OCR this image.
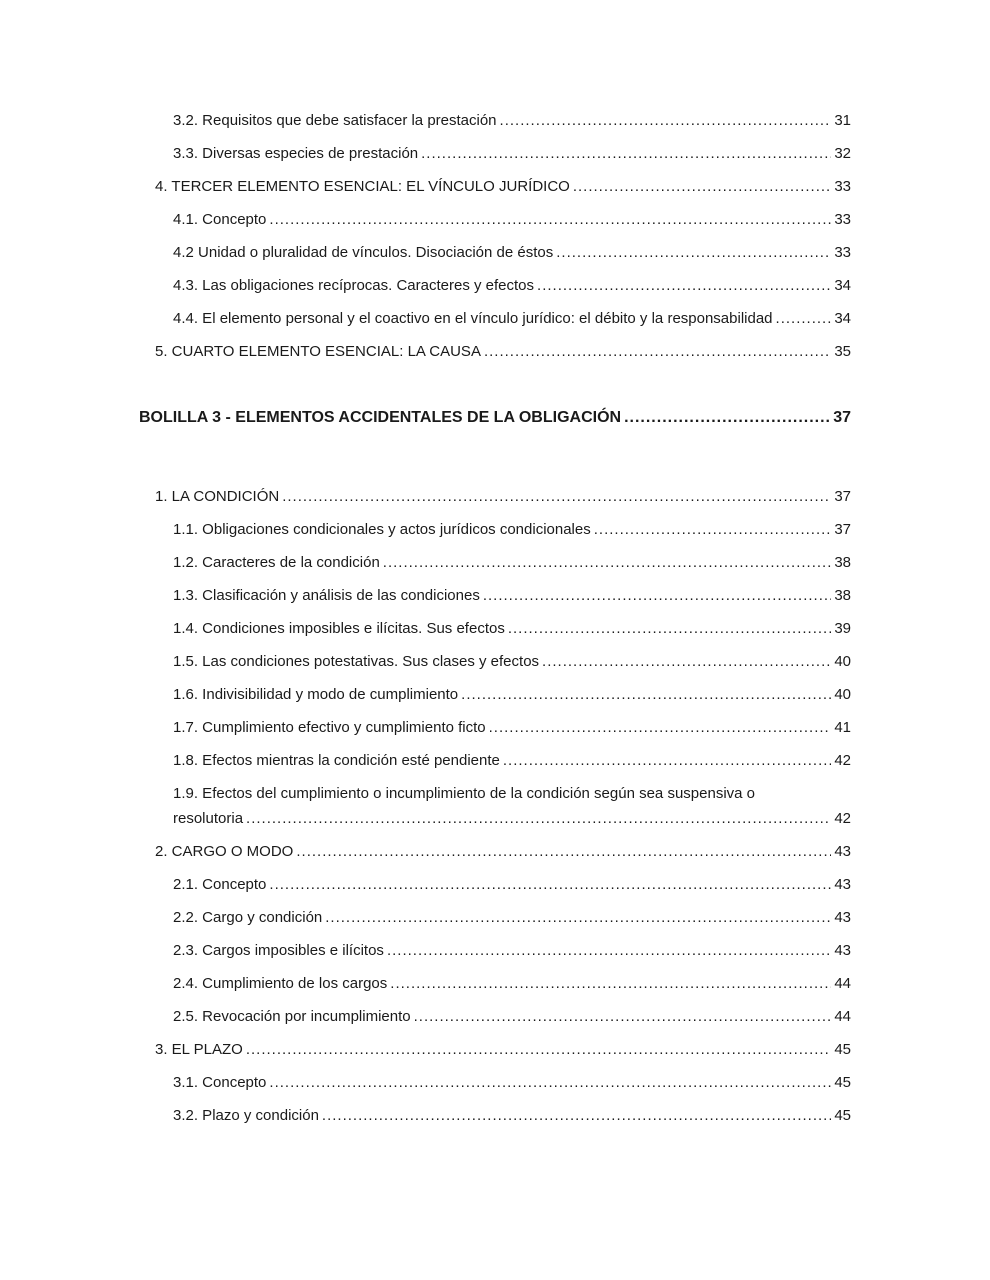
3.2. Requisitos que debe satisfacer la prestación .....	31
3.3. Diversas especies de prestación .....	32
4. TERCER ELEMENTO ESENCIAL: EL VÍNCULO JURÍDICO .....	33
4.1. Concepto .....	33
4.2 Unidad o pluralidad de vínculos. Disociación de éstos .....	33
4.3. Las obligaciones recíprocas. Caracteres y efectos .....	34
4.4. El elemento personal y el coactivo en el vínculo jurídico: el débito y la responsabilidad .....	34
5. CUARTO ELEMENTO ESENCIAL: LA CAUSA .....	35
BOLILLA 3 - ELEMENTOS ACCIDENTALES DE LA OBLIGACIÓN .....	37
1. LA CONDICIÓN .....	37
1.1. Obligaciones condicionales y actos jurídicos condicionales .....	37
1.2. Caracteres de la condición .....	38
1.3. Clasificación y análisis de las condiciones .....	38
1.4. Condiciones imposibles e ilícitas. Sus efectos .....	39
1.5. Las condiciones potestativas. Sus clases y efectos .....	40
1.6. Indivisibilidad y modo de cumplimiento .....	40
1.7. Cumplimiento efectivo y cumplimiento ficto .....	41
1.8. Efectos mientras la condición esté pendiente .....	42
1.9. Efectos del cumplimiento o incumplimiento de la condición según sea suspensiva o
resolutoria .....	42
2. CARGO O MODO .....	43
2.1. Concepto .....	43
2.2. Cargo y condición .....	43
2.3. Cargos imposibles e ilícitos .....	43
2.4. Cumplimiento de los cargos .....	44
2.5. Revocación por incumplimiento .....	44
3. EL PLAZO .....	45
3.1. Concepto .....	45
3.2. Plazo y condición .....	45
